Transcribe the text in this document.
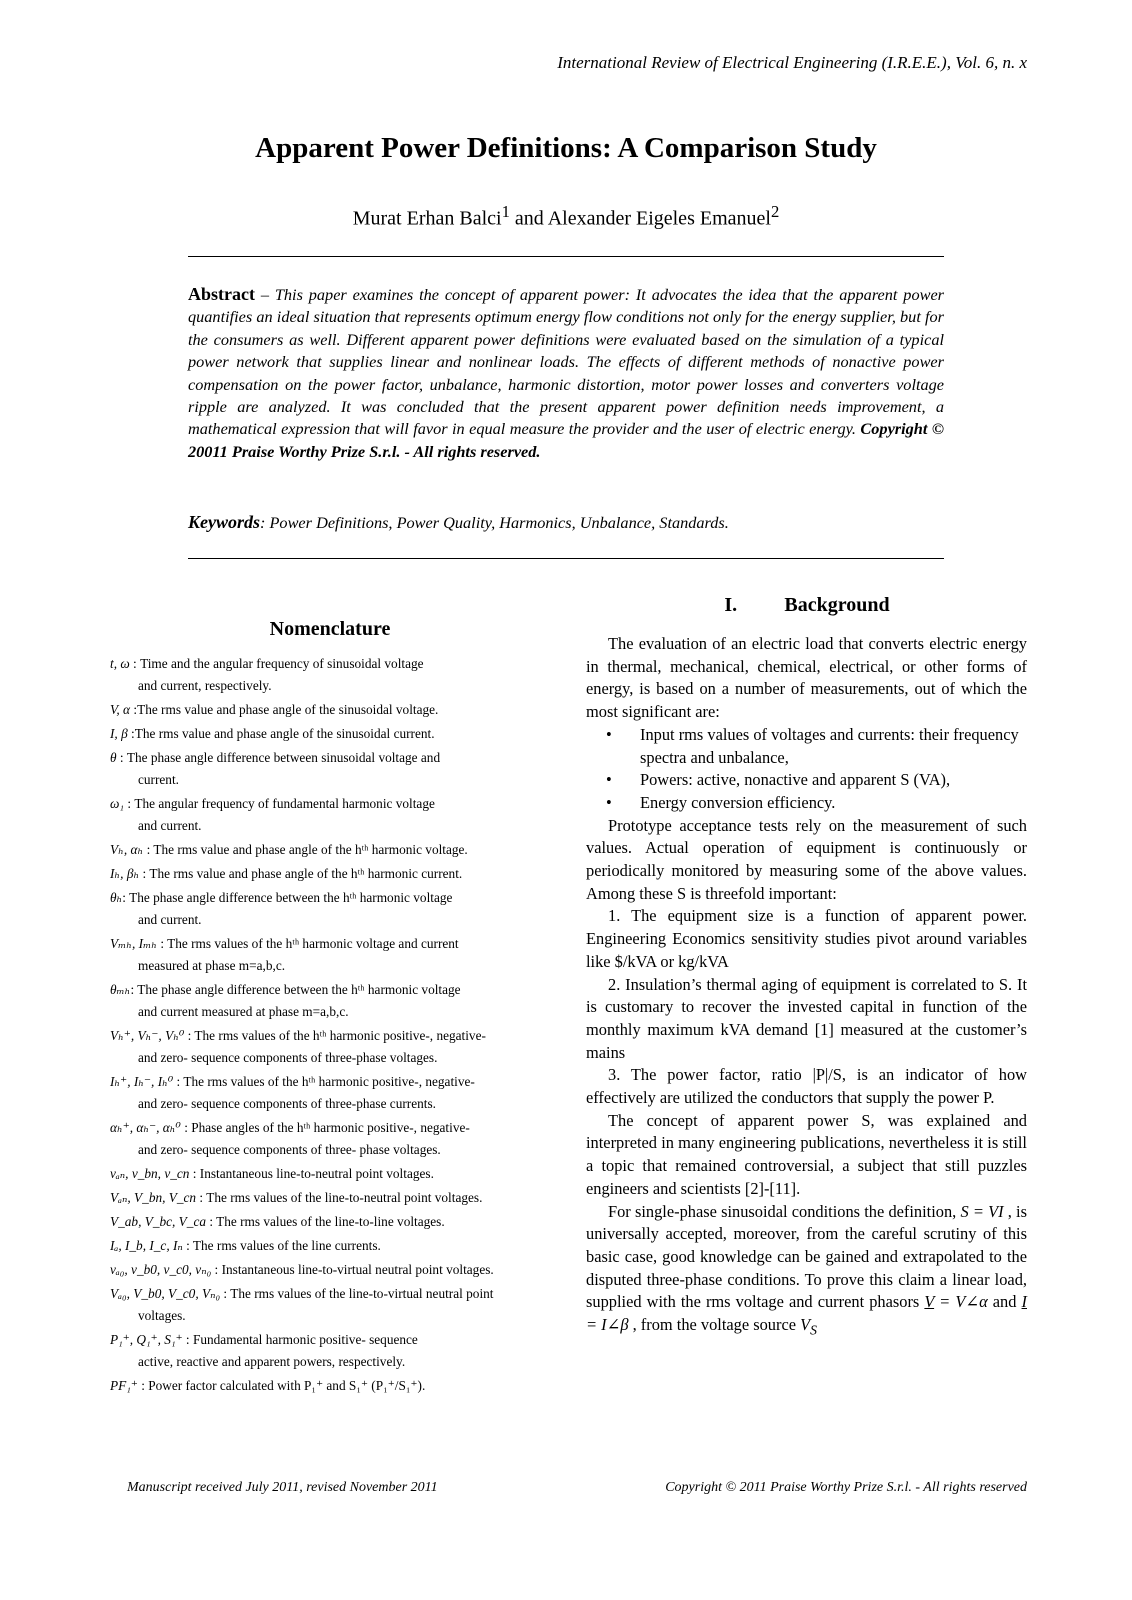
International Review of Electrical Engineering (I.R.E.E.), Vol. 6, n. x
Apparent Power Definitions: A Comparison Study
Murat Erhan Balci$^1$ and Alexander Eigeles Emanuel$^2$
Abstract – This paper examines the concept of apparent power: It advocates the idea that the apparent power quantifies an ideal situation that represents optimum energy flow conditions not only for the energy supplier, but for the consumers as well. Different apparent power definitions were evaluated based on the simulation of a typical power network that supplies linear and nonlinear loads. The effects of different methods of nonactive power compensation on the power factor, unbalance, harmonic distortion, motor power losses and converters voltage ripple are analyzed. It was concluded that the present apparent power definition needs improvement, a mathematical expression that will favor in equal measure the provider and the user of electric energy. Copyright © 20011 Praise Worthy Prize S.r.l. - All rights reserved.
Keywords: Power Definitions, Power Quality, Harmonics, Unbalance, Standards.
Nomenclature
t, ω : Time and the angular frequency of sinusoidal voltage
and current, respectively.
V, α :The rms value and phase angle of the sinusoidal voltage.
I, β :The rms value and phase angle of the sinusoidal current.
θ : The phase angle difference between sinusoidal voltage and
current.
ω₁ : The angular frequency of fundamental harmonic voltage
and current.
Vₕ, αₕ : The rms value and phase angle of the hᵗʰ harmonic voltage.
Iₕ, βₕ : The rms value and phase angle of the hᵗʰ harmonic current.
θₕ: The phase angle difference between the hᵗʰ harmonic voltage
and current.
Vₘₕ, Iₘₕ : The rms values of the hᵗʰ harmonic voltage and current
measured at phase m=a,b,c.
θₘₕ: The phase angle difference between the hᵗʰ harmonic voltage
and current measured at phase m=a,b,c.
Vₕ⁺, Vₕ⁻, Vₕ⁰ : The rms values of the hᵗʰ harmonic positive-, negative-
and zero- sequence components of three-phase voltages.
Iₕ⁺, Iₕ⁻, Iₕ⁰ : The rms values of the hᵗʰ harmonic positive-, negative-
and zero- sequence components of three-phase currents.
αₕ⁺, αₕ⁻, αₕ⁰ : Phase angles of the hᵗʰ harmonic positive-, negative-
and zero- sequence components of three- phase voltages.
vₐₙ, v_bn, v_cn : Instantaneous line-to-neutral point voltages.
Vₐₙ, V_bn, V_cn : The rms values of the line-to-neutral point voltages.
V_ab, V_bc, V_ca : The rms values of the line-to-line voltages.
Iₐ, I_b, I_c, Iₙ : The rms values of the line currents.
vₐ₀, v_b0, v_c0, vₙ₀ : Instantaneous line-to-virtual neutral point voltages.
Vₐ₀, V_b0, V_c0, Vₙ₀ : The rms values of the line-to-virtual neutral point
voltages.
P₁⁺, Q₁⁺, S₁⁺ : Fundamental harmonic positive- sequence
active, reactive and apparent powers, respectively.
PF₁⁺ : Power factor calculated with P₁⁺ and S₁⁺ (P₁⁺/S₁⁺).
I. Background

The evaluation of an electric load that converts electric energy in thermal, mechanical, chemical, electrical, or other forms of energy, is based on a number of measurements, out of which the most significant are:

• Input rms values of voltages and currents: their frequency spectra and unbalance,
• Powers: active, nonactive and apparent S (VA),
• Energy conversion efficiency.

Prototype acceptance tests rely on the measurement of such values. Actual operation of equipment is continuously or periodically monitored by measuring some of the above values. Among these S is threefold important:

1. The equipment size is a function of apparent power. Engineering Economics sensitivity studies pivot around variables like $/kVA or kg/kVA

2. Insulation’s thermal aging of equipment is correlated to S. It is customary to recover the invested capital in function of the monthly maximum kVA demand [1] measured at the customer’s mains

3. The power factor, ratio |P|/S, is an indicator of how effectively are utilized the conductors that supply the power P.

The concept of apparent power S, was explained and interpreted in many engineering publications, nevertheless it is still a topic that remained controversial, a subject that still puzzles engineers and scientists [2]-[11].

For single-phase sinusoidal conditions the definition, S = VI , is universally accepted, moreover, from the careful scrutiny of this basic case, good knowledge can be gained and extrapolated to the disputed three-phase conditions. To prove this claim a linear load, supplied with the rms voltage and current phasors V = V∠α and I = I∠β , from the voltage source $V_S$

Manuscript received July 2011, revised November 2011	Copyright © 2011 Praise Worthy Prize S.r.l. - All rights reserved
